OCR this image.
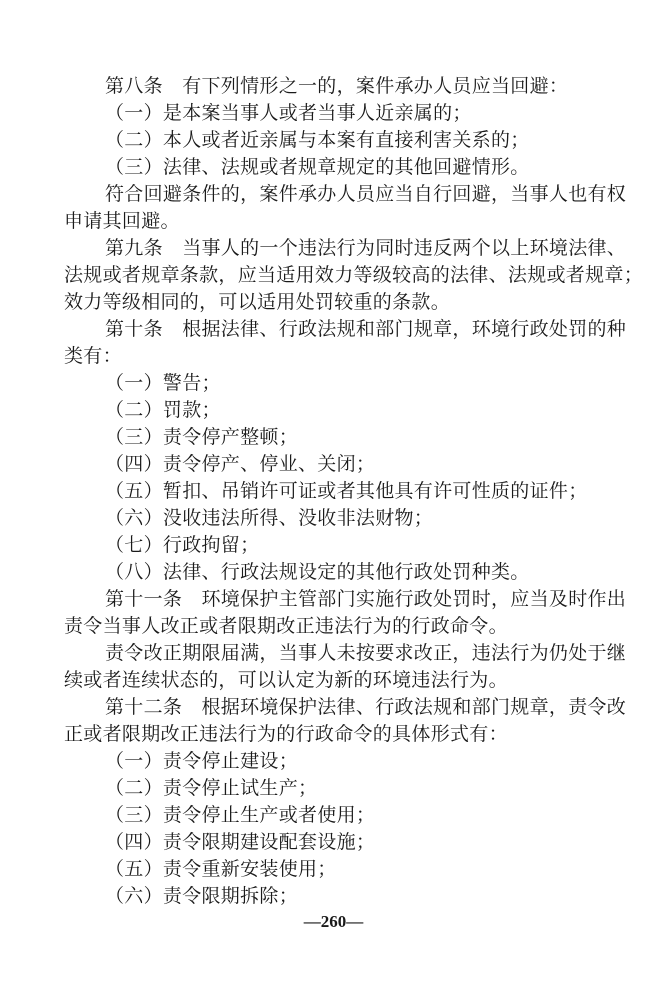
第八条　有下列情形之一的，案件承办人员应当回避：
（一）是本案当事人或者当事人近亲属的；
（二）本人或者近亲属与本案有直接利害关系的；
（三）法律、法规或者规章规定的其他回避情形。
符合回避条件的，案件承办人员应当自行回避，当事人也有权
申请其回避。
第九条　当事人的一个违法行为同时违反两个以上环境法律、
法规或者规章条款，应当适用效力等级较高的法律、法规或者规章；
效力等级相同的，可以适用处罚较重的条款。
第十条　根据法律、行政法规和部门规章，环境行政处罚的种
类有：
（一）警告；
（二）罚款；
（三）责令停产整顿；
（四）责令停产、停业、关闭；
（五）暂扣、吊销许可证或者其他具有许可性质的证件；
（六）没收违法所得、没收非法财物；
（七）行政拘留；
（八）法律、行政法规设定的其他行政处罚种类。
第十一条　环境保护主管部门实施行政处罚时，应当及时作出
责令当事人改正或者限期改正违法行为的行政命令。
责令改正期限届满，当事人未按要求改正，违法行为仍处于继
续或者连续状态的，可以认定为新的环境违法行为。
第十二条　根据环境保护法律、行政法规和部门规章，责令改
正或者限期改正违法行为的行政命令的具体形式有：
（一）责令停止建设；
（二）责令停止试生产；
（三）责令停止生产或者使用；
（四）责令限期建设配套设施；
（五）责令重新安装使用；
（六）责令限期拆除；
—260—
